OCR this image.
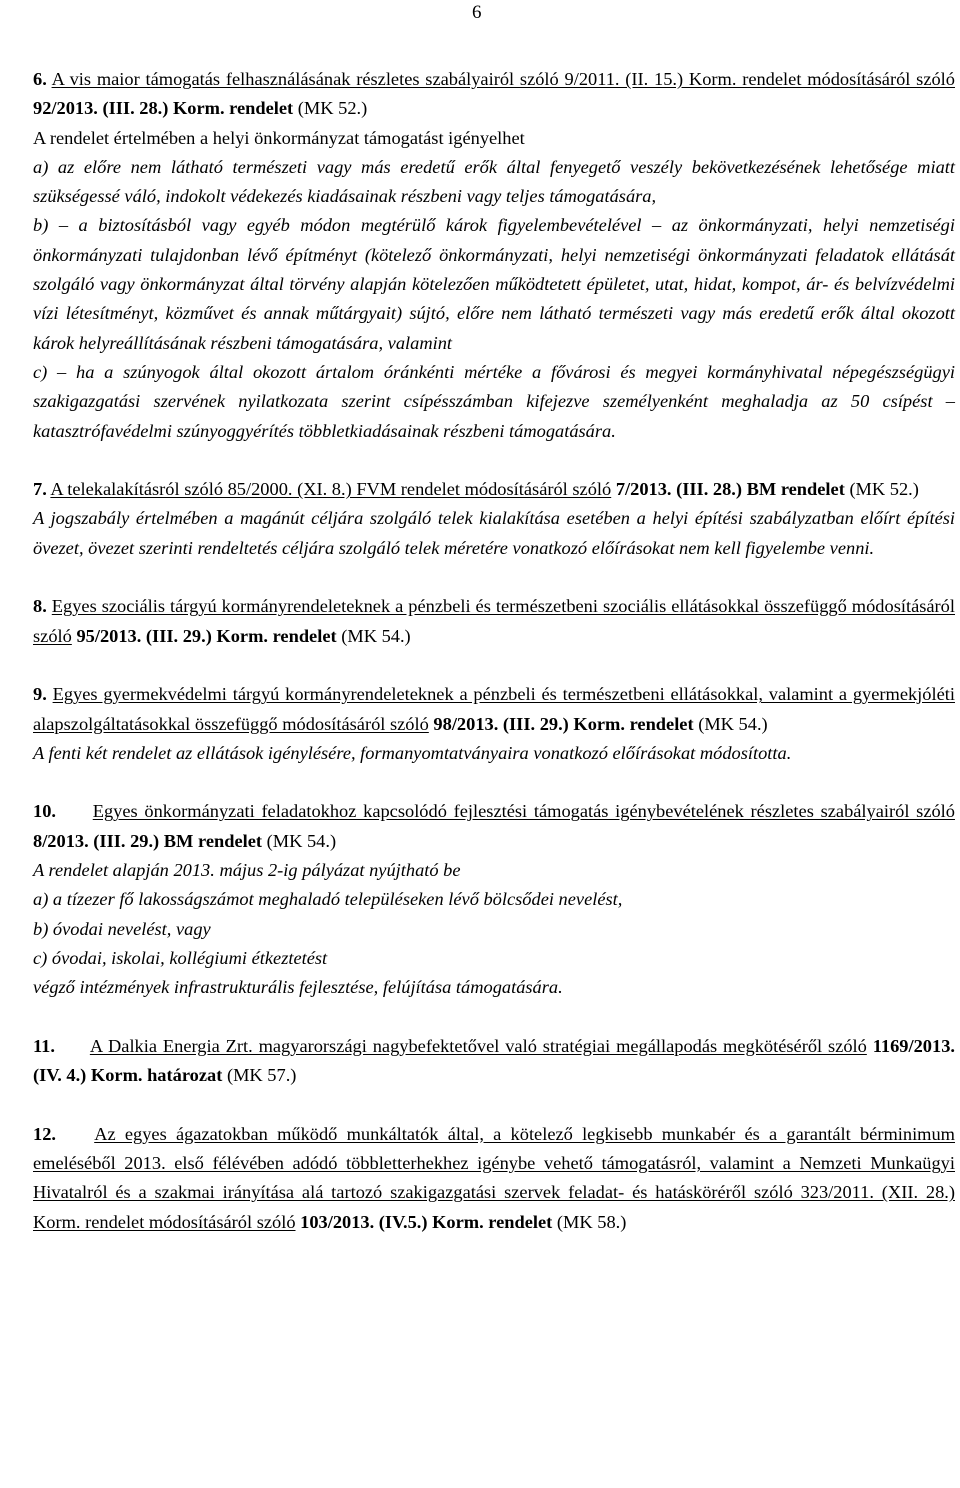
6

6. A vis maior támogatás felhasználásának részletes szabályairól szóló 9/2011. (II. 15.) Korm. rendelet módosításáról szóló 92/2013. (III. 28.) Korm. rendelet (MK 52.)

A rendelet értelmében a helyi önkormányzat támogatást igényelhet

a) az előre nem látható természeti vagy más eredetű erők által fenyegető veszély bekövetkezésének lehetősége miatt szükségessé váló, indokolt védekezés kiadásainak részbeni vagy teljes támogatására,

b) – a biztosításból vagy egyéb módon megtérülő károk figyelembevételével – az önkormányzati, helyi nemzetiségi önkormányzati tulajdonban lévő építményt (kötelező önkormányzati, helyi nemzetiségi önkormányzati feladatok ellátását szolgáló vagy önkormányzat által törvény alapján kötelezően működtetett épületet, utat, hidat, kompot, ár- és belvízvédelmi vízi létesítményt, közművet és annak műtárgyait) sújtó, előre nem látható természeti vagy más eredetű erők által okozott károk helyreállításának részbeni támogatására, valamint

c) – ha a szúnyogok által okozott ártalom óránkénti mértéke a fővárosi és megyei kormányhivatal népegészségügyi szakigazgatási szervének nyilatkozata szerint csípésszámban kifejezve személyenként meghaladja az 50 csípést – katasztrófavédelmi szúnyoggyérítés többletkiadásainak részbeni támogatására.

7. A telekalakításról szóló 85/2000. (XI. 8.) FVM rendelet módosításáról szóló 7/2013. (III. 28.) BM rendelet (MK 52.)

A jogszabály értelmében a magánút céljára szolgáló telek kialakítása esetében a helyi építési szabályzatban előírt építési övezet, övezet szerinti rendeltetés céljára szolgáló telek méretére vonatkozó előírásokat nem kell figyelembe venni.

8. Egyes szociális tárgyú kormányrendeleteknek a pénzbeli és természetbeni szociális ellátásokkal összefüggő módosításáról szóló 95/2013. (III. 29.) Korm. rendelet (MK 54.)

9. Egyes gyermekvédelmi tárgyú kormányrendeleteknek a pénzbeli és természetbeni ellátásokkal, valamint a gyermekjóléti alapszolgáltatásokkal összefüggő módosításáról szóló 98/2013. (III. 29.) Korm. rendelet (MK 54.)

A fenti két rendelet az ellátások igénylésére, formanyomtatványaira vonatkozó előírásokat módosította.

10. Egyes önkormányzati feladatokhoz kapcsolódó fejlesztési támogatás igénybevételének részletes szabályairól szóló 8/2013. (III. 29.) BM rendelet (MK 54.)

A rendelet alapján 2013. május 2-ig pályázat nyújtható be

a) a tízezer fő lakosságszámot meghaladó településeken lévő bölcsődei nevelést,

b) óvodai nevelést, vagy

c) óvodai, iskolai, kollégiumi étkeztetést

végző intézmények infrastrukturális fejlesztése, felújítása támogatására.

11. A Dalkia Energia Zrt. magyarországi nagybefektetővel való stratégiai megállapodás megkötéséről szóló 1169/2013. (IV. 4.) Korm. határozat (MK 57.)

12. Az egyes ágazatokban működő munkáltatók által, a kötelező legkisebb munkabér és a garantált bérminimum emeléséből 2013. első félévében adódó többletterhekhez igénybe vehető támogatásról, valamint a Nemzeti Munkaügyi Hivatalról és a szakmai irányítása alá tartozó szakigazgatási szervek feladat- és hatásköréről szóló 323/2011. (XII. 28.) Korm. rendelet módosításáról szóló 103/2013. (IV.5.) Korm. rendelet (MK 58.)
